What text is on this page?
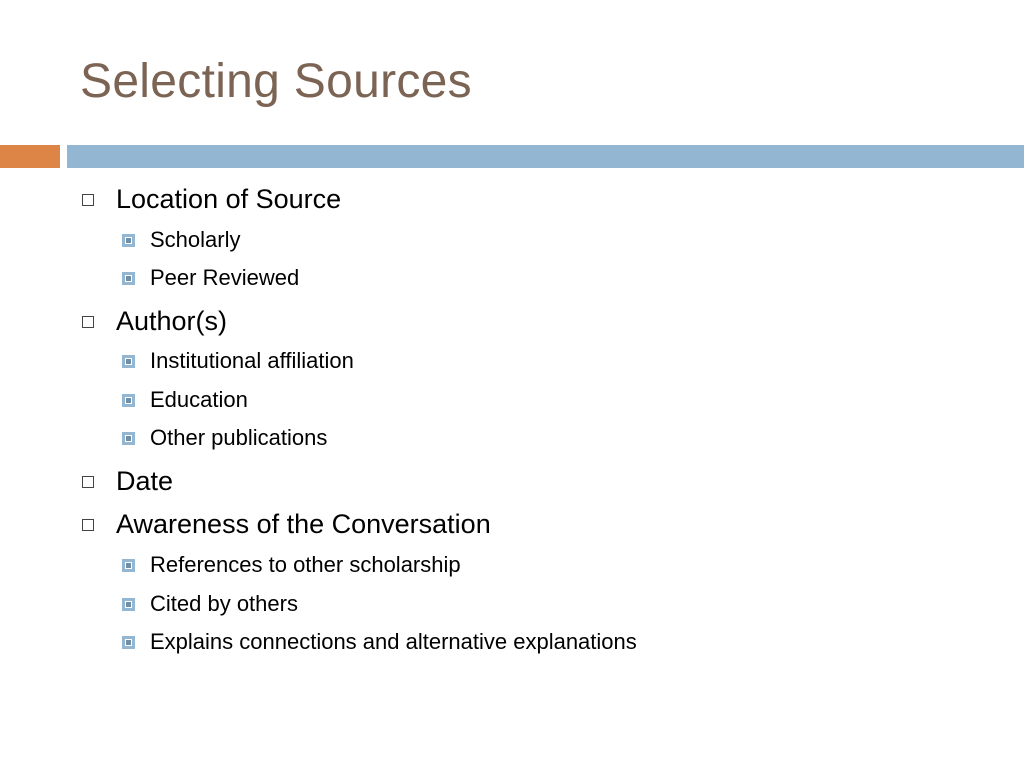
Selecting Sources
Location of Source
Scholarly
Peer Reviewed
Author(s)
Institutional affiliation
Education
Other publications
Date
Awareness of the Conversation
References to other scholarship
Cited by others
Explains connections and alternative explanations
